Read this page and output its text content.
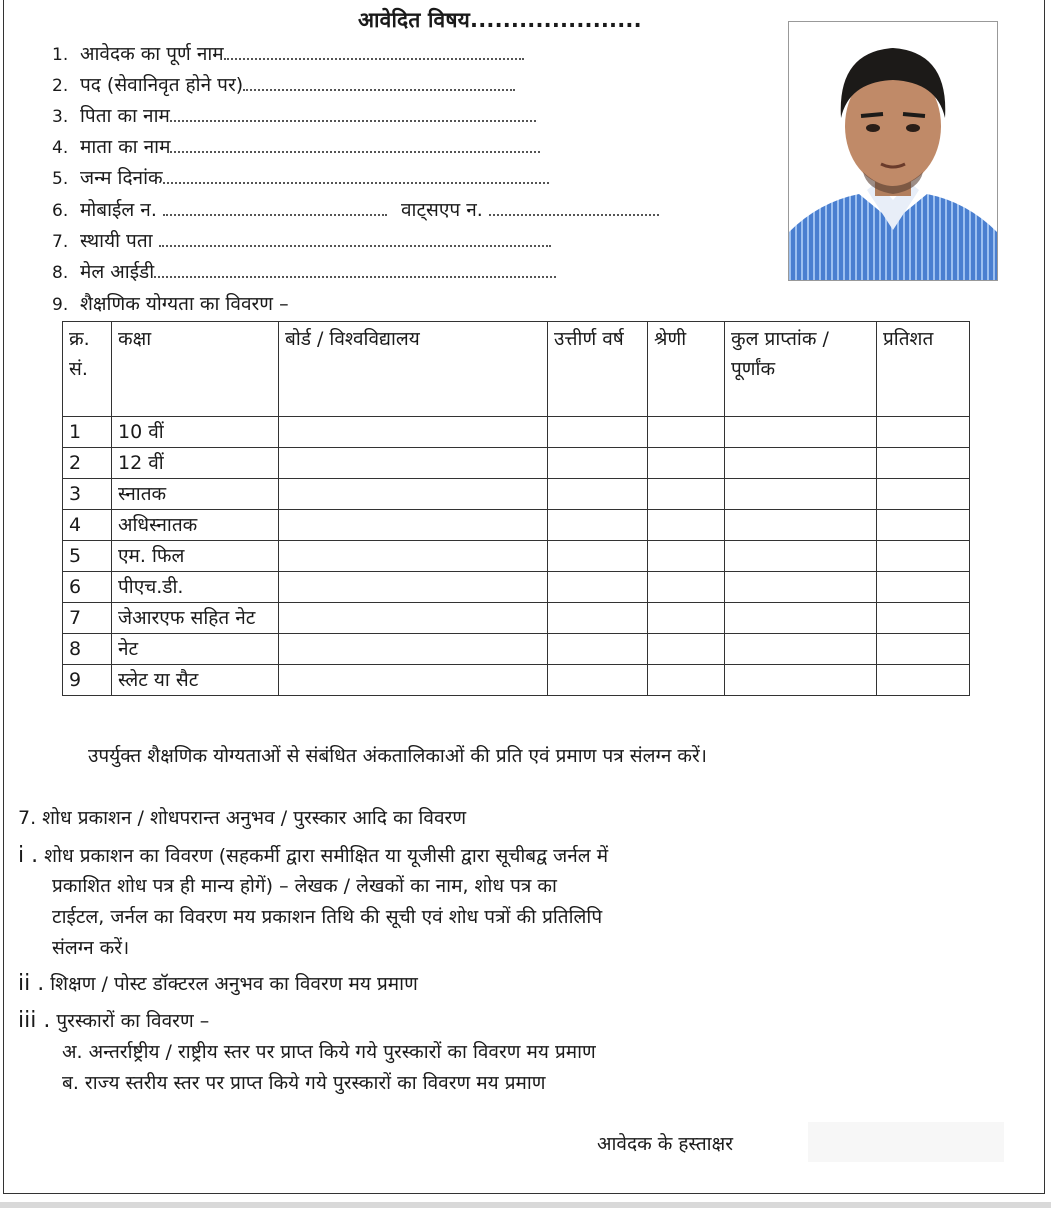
आवेदित विषय.....................
1. आवेदक का पूर्ण नाम
2. पद (सेवानिवृत होने पर)
3. पिता का नाम
4. माता का नाम
5. जन्म दिनांक
6. मोबाईल न.	वाट्सएप न.
7. स्थायी पता
8. मेल आईडी
9. शैक्षणिक योग्यता का विवरण –
क्र. सं.	कक्षा	बोर्ड / विश्वविद्यालय	उत्तीर्ण वर्ष	श्रेणी	कुल प्राप्तांक / पूर्णांक	प्रतिशत
1	10 वीं					
2	12 वीं					
3	स्नातक					
4	अधिस्नातक					
5	एम. फिल					
6	पीएच.डी.					
7	जेआरएफ सहित नेट					
8	नेट					
9	स्लेट या सैट					
उपर्युक्त शैक्षणिक योग्यताओं से संबंधित अंकतालिकाओं की प्रति एवं प्रमाण पत्र संलग्न करें।
7. शोध प्रकाशन / शोधपरान्त अनुभव / पुरस्कार आदि का विवरण
i . शोध प्रकाशन का विवरण (सहकर्मी द्वारा समीक्षित या यूजीसी द्वारा सूचीबद्व जर्नल में
प्रकाशित शोध पत्र ही मान्य होगें) – लेखक / लेखकों का नाम, शोध पत्र का
टाईटल, जर्नल का विवरण मय प्रकाशन तिथि की सूची एवं शोध पत्रों की प्रतिलिपि
संलग्न करें।
ii . शिक्षण / पोस्ट डॉक्टरल अनुभव का विवरण मय प्रमाण
iii . पुरस्कारों का विवरण –
अ. अन्तर्राष्ट्रीय / राष्ट्रीय स्तर पर प्राप्त किये गये पुरस्कारों का विवरण मय प्रमाण
ब. राज्य स्तरीय स्तर पर प्राप्त किये गये पुरस्कारों का विवरण मय प्रमाण
आवेदक के हस्ताक्षर
